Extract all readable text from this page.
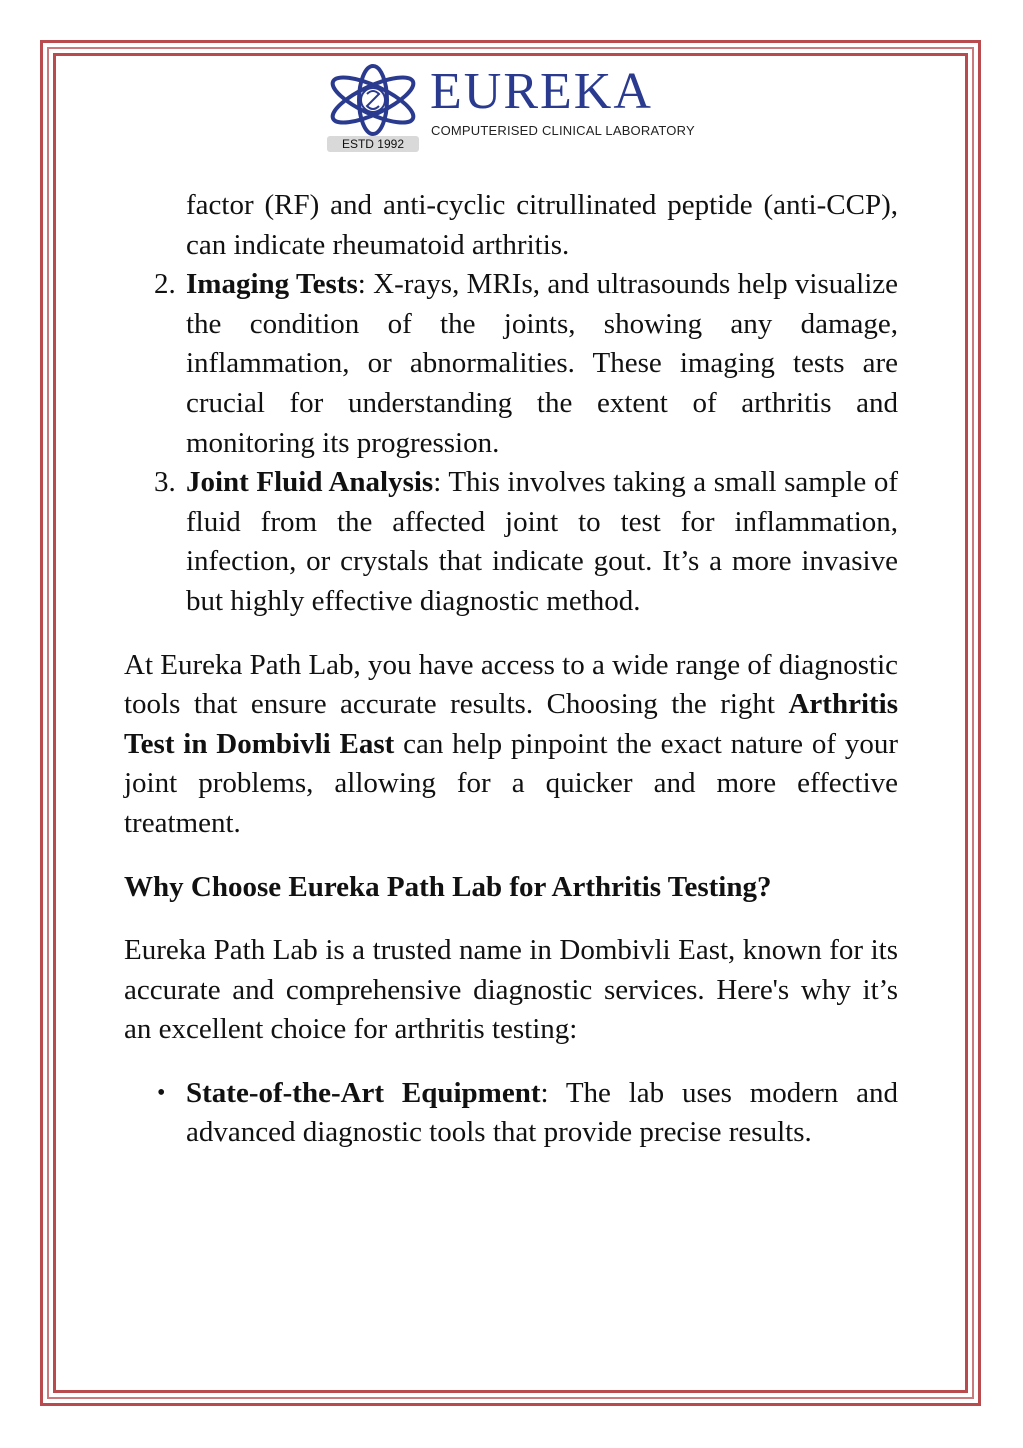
EUREKA
COMPUTERISED CLINICAL LABORATORY
ESTD 1992

factor (RF) and anti-cyclic citrullinated peptide (anti-CCP), can indicate rheumatoid arthritis.

2. Imaging Tests: X-rays, MRIs, and ultrasounds help visualize the condition of the joints, showing any damage, inflammation, or abnormalities. These imaging tests are crucial for understanding the extent of arthritis and monitoring its progression.

3. Joint Fluid Analysis: This involves taking a small sample of fluid from the affected joint to test for inflammation, infection, or crystals that indicate gout. It’s a more invasive but highly effective diagnostic method.

At Eureka Path Lab, you have access to a wide range of diagnostic tools that ensure accurate results. Choosing the right Arthritis Test in Dombivli East can help pinpoint the exact nature of your joint problems, allowing for a quicker and more effective treatment.

Why Choose Eureka Path Lab for Arthritis Testing?

Eureka Path Lab is a trusted name in Dombivli East, known for its accurate and comprehensive diagnostic services. Here's why it’s an excellent choice for arthritis testing:

• State-of-the-Art Equipment: The lab uses modern and advanced diagnostic tools that provide precise results.
